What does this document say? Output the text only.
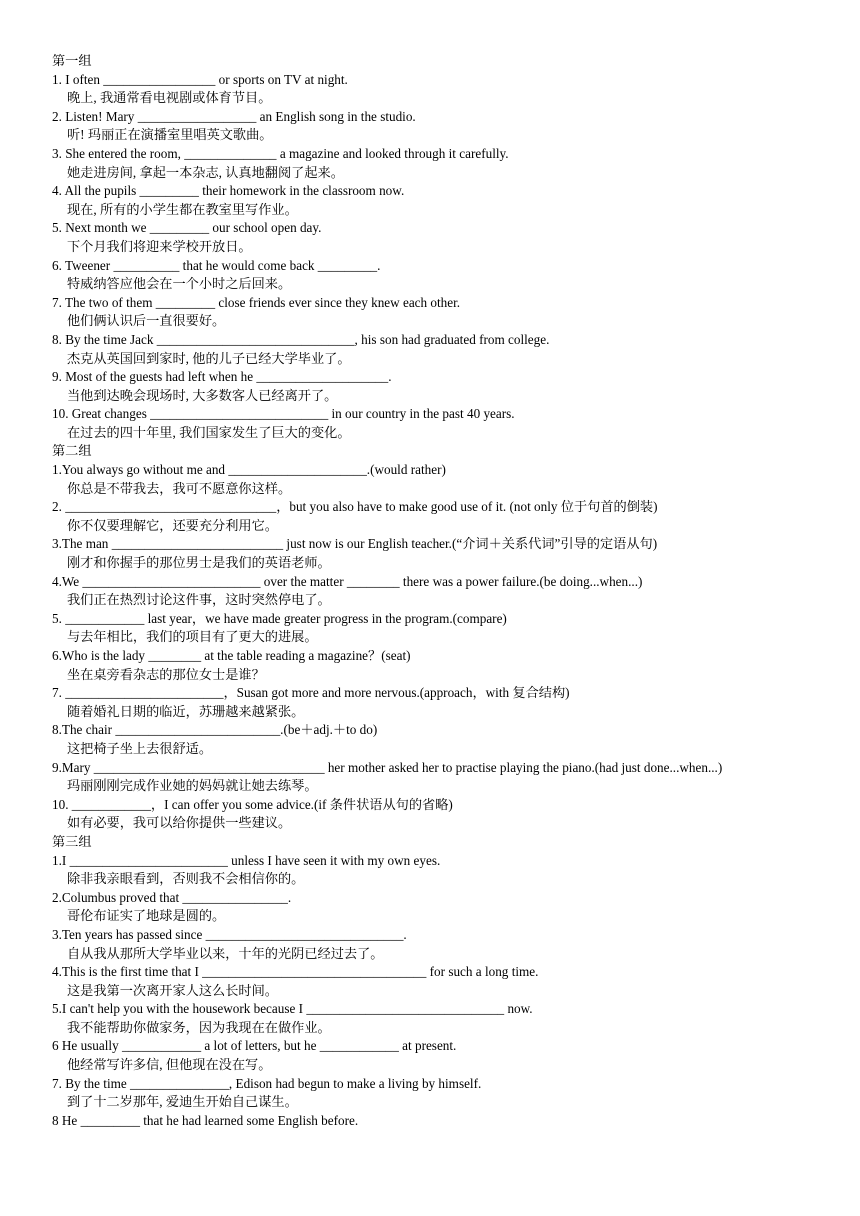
第一组
1. I often _________________ or sports on TV at night.
晚上, 我通常看电视剧或体育节目。
2. Listen! Mary __________________ an English song in the studio.
听! 玛丽正在演播室里唱英文歌曲。
3. She entered the room, ______________ a magazine and looked through it carefully.
她走进房间, 拿起一本杂志, 认真地翻阅了起来。
4. All the pupils _________ their homework in the classroom now.
现在, 所有的小学生都在教室里写作业。
5. Next month we _________ our school open day.
下个月我们将迎来学校开放日。
6. Tweener __________ that he would come back _________.
特威纳答应他会在一个小时之后回来。
7. The two of them _________ close friends ever since they knew each other.
他们俩认识后一直很要好。
8. By the time Jack ______________________________, his son had graduated from college.
杰克从英国回到家时, 他的儿子已经大学毕业了。
9. Most of the guests had left when he ____________________.
当他到达晚会现场时, 大多数客人已经离开了。
10. Great changes ___________________________ in our country in the past 40 years.
在过去的四十年里, 我们国家发生了巨大的变化。
第二组
1.You always go without me and _____________________.(would rather)
你总是不带我去，我可不愿意你这样。
2. ________________________________，but you also have to make good use of it. (not only 位于句首的倒装)
你不仅要理解它，还要充分利用它。
3.The man __________________________ just now is our English teacher.(“介词＋关系代词”引导的定语从句)
刚才和你握手的那位男士是我们的英语老师。
4.We ___________________________ over the matter ________ there was a power failure.(be doing...when...)
我们正在热烈讨论这件事，这时突然停电了。
5. ____________ last year，we have made greater progress in the program.(compare)
与去年相比，我们的项目有了更大的进展。
6.Who is the lady ________ at the table reading a magazine？(seat)
坐在桌旁看杂志的那位女士是谁？
7. ________________________，Susan got more and more nervous.(approach，with 复合结构)
随着婚礼日期的临近，苏珊越来越紧张。
8.The chair _________________________.(be＋adj.＋to do)
这把椅子坐上去很舒适。
9.Mary ___________________________________ her mother asked her to practise playing the piano.(had just done...when...)
玛丽刚刚完成作业她的妈妈就让她去练琴。
10. ____________，I can offer you some advice.(if 条件状语从句的省略)
如有必要，我可以给你提供一些建议。
第三组
1.I ________________________ unless I have seen it with my own eyes.
除非我亲眼看到，否则我不会相信你的。
2.Columbus proved that ________________.
哥伦布证实了地球是圆的。
3.Ten years has passed since ______________________________.
自从我从那所大学毕业以来，十年的光阴已经过去了。
4.This is the first time that I __________________________________ for such a long time.
这是我第一次离开家人这么长时间。
5.I can't help you with the housework because I ______________________________ now.
我不能帮助你做家务，因为我现在在做作业。
6 He usually ____________ a lot of letters, but he ____________ at present.
他经常写许多信, 但他现在没在写。
7. By the time _______________, Edison had begun to make a living by himself.
到了十二岁那年, 爱迪生开始自己谋生。
8 He _________ that he had learned some English before.
